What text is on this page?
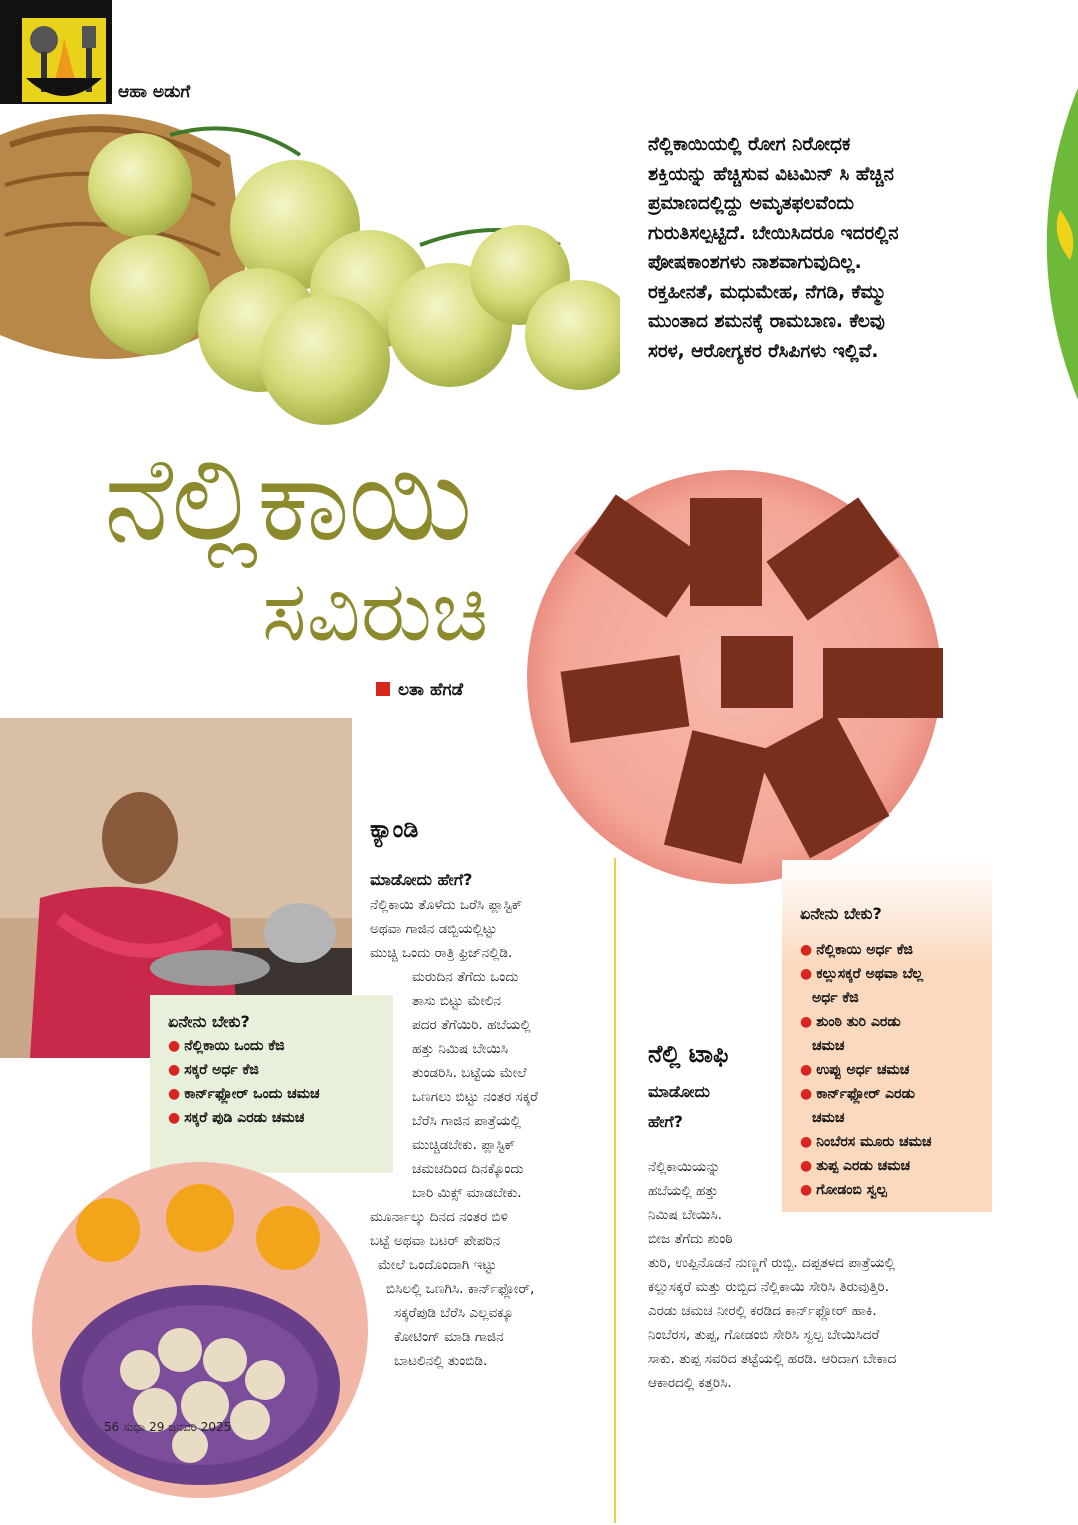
ಆಹಾ ಅಡುಗೆ
ನೆಲ್ಲಿಕಾಯಿಯಲ್ಲಿ ರೋಗ ನಿರೋಧಕ
ಶಕ್ತಿಯನ್ನು ಹೆಚ್ಚಿಸುವ ವಿಟಮಿನ್ ಸಿ ಹೆಚ್ಚಿನ
ಪ್ರಮಾಣದಲ್ಲಿದ್ದು ಅಮೃತಫಲವೆಂದು
ಗುರುತಿಸಲ್ಪಟ್ಟಿದೆ. ಬೇಯಿಸಿದರೂ ಇದರಲ್ಲಿನ
ಪೋಷಕಾಂಶಗಳು ನಾಶವಾಗುವುದಿಲ್ಲ.
ರಕ್ತಹೀನತೆ, ಮಧುಮೇಹ, ನೆಗಡಿ, ಕೆಮ್ಮು
ಮುಂತಾದ ಶಮನಕ್ಕೆ ರಾಮಬಾಣ. ಕೆಲವು
ಸರಳ, ಆರೋಗ್ಯಕರ ರೆಸಿಪಿಗಳು ಇಲ್ಲಿವೆ.
ನೆಲ್ಲಿಕಾಯಿ
ಸವಿರುಚಿ
ಲತಾ ಹೆಗಡೆ
ಕ್ಯಾಂಡಿ
ಮಾಡೋದು ಹೇಗೆ?
ನೆಲ್ಲಿಕಾಯಿ ತೊಳೆದು ಒರೆಸಿ ಪ್ಲಾಸ್ಟಿಕ್
ಅಥವಾ ಗಾಜಿನ ಡಬ್ಬಿಯಲ್ಲಿಟ್ಟು
ಮುಚ್ಚಿ ಒಂದು ರಾತ್ರಿ ಫ್ರಿಜ್‌ನಲ್ಲಿಡಿ.
ಮರುದಿನ ತೆಗೆದು ಒಂದು
ತಾಸು ಬಿಟ್ಟು ಮೇಲಿನ
ಪದರ ತೆಗೆಯಿರಿ. ಹಬೆಯಲ್ಲಿ
ಹತ್ತು ನಿಮಿಷ ಬೇಯಿಸಿ
ತುಂಡರಿಸಿ. ಬಟ್ಟೆಯ ಮೇಲೆ
ಒಣಗಲು ಬಿಟ್ಟು ನಂತರ ಸಕ್ಕರೆ
ಬೆರೆಸಿ ಗಾಜಿನ ಪಾತ್ರೆಯಲ್ಲಿ
ಮುಚ್ಚಿಡಬೇಕು. ಪ್ಲಾಸ್ಟಿಕ್
ಚಮಚದಿಂದ ದಿನಕ್ಕೊಂದು
ಬಾರಿ ಮಿಕ್ಸ್ ಮಾಡಬೇಕು.
ಮೂರ್ನಾಲ್ಕು ದಿನದ ನಂತರ ಬಿಳಿ
ಬಟ್ಟೆ ಅಥವಾ ಬಟರ್ ಪೇಪರಿನ
ಮೇಲೆ ಒಂದೊಂದಾಗಿ ಇಟ್ಟು
ಬಿಸಿಲಲ್ಲಿ ಒಣಗಿಸಿ. ಕಾರ್ನ್‌ಫ್ಲೋರ್,
ಸಕ್ಕರೆಪುಡಿ ಬೆರೆಸಿ ಎಲ್ಲವಕ್ಕೂ
ಕೋಟಿಂಗ್ ಮಾಡಿ ಗಾಜಿನ
ಬಾಟಲಿನಲ್ಲಿ ತುಂಬಿಡಿ.
ಏನೇನು ಬೇಕು?
● ನೆಲ್ಲಿಕಾಯಿ ಒಂದು ಕೆಜಿ
● ಸಕ್ಕರೆ ಅರ್ಧ ಕೆಜಿ
● ಕಾರ್ನ್‌ಫ್ಲೋರ್ ಒಂದು ಚಮಚ
● ಸಕ್ಕರೆ ಪುಡಿ ಎರಡು ಚಮಚ
ಏನೇನು ಬೇಕು?
● ನೆಲ್ಲಿಕಾಯಿ ಅರ್ಧ ಕೆಜಿ
● ಕಲ್ಲುಸಕ್ಕರೆ ಅಥವಾ ಬೆಲ್ಲ
ಅರ್ಧ ಕೆಜಿ
● ಶುಂಠಿ ತುರಿ ಎರಡು
ಚಮಚ
● ಉಪ್ಪು ಅರ್ಧ ಚಮಚ
● ಕಾರ್ನ್‌ಫ್ಲೋರ್ ಎರಡು
ಚಮಚ
● ನಿಂಬೆರಸ ಮೂರು ಚಮಚ
● ತುಪ್ಪ ಎರಡು ಚಮಚ
● ಗೋಡಂಬಿ ಸ್ವಲ್ಪ
ನೆಲ್ಲಿ ಟಾಫಿ
ಮಾಡೋದು
ಹೇಗೆ?
ನೆಲ್ಲಿಕಾಯಿಯನ್ನು
ಹಬೆಯಲ್ಲಿ ಹತ್ತು
ನಿಮಿಷ ಬೇಯಿಸಿ.
ಬೀಜ ತೆಗೆದು ಶುಂಠಿ
ತುರಿ, ಉಪ್ಪಿನೊಡನೆ ನುಣ್ಣಗೆ ರುಬ್ಬಿ. ದಪ್ಪತಳದ ಪಾತ್ರೆಯಲ್ಲಿ
ಕಲ್ಲುಸಕ್ಕರೆ ಮತ್ತು ರುಬ್ಬಿದ ನೆಲ್ಲಿಕಾಯಿ ಸೇರಿಸಿ ತಿರುವುತ್ತಿರಿ.
ಎರಡು ಚಮಚ ನೀರಲ್ಲಿ ಕರಡಿದ ಕಾರ್ನ್‌ಫ್ಲೋರ್ ಹಾಕಿ.
ನಿಂಬೆರಸ, ತುಪ್ಪ, ಗೋಡಂಬಿ ಸೇರಿಸಿ ಸ್ವಲ್ಪ ಬೇಯಿಸಿದರೆ
ಸಾಕು. ತುಪ್ಪ ಸವರಿದ ತಟ್ಟೆಯಲ್ಲಿ ಹರಡಿ. ಆರಿದಾಗ ಬೇಕಾದ
ಆಕಾರದಲ್ಲಿ ಕತ್ತರಿಸಿ.
56 ಸುಧಾ 29 ಜನವರಿ 2025
